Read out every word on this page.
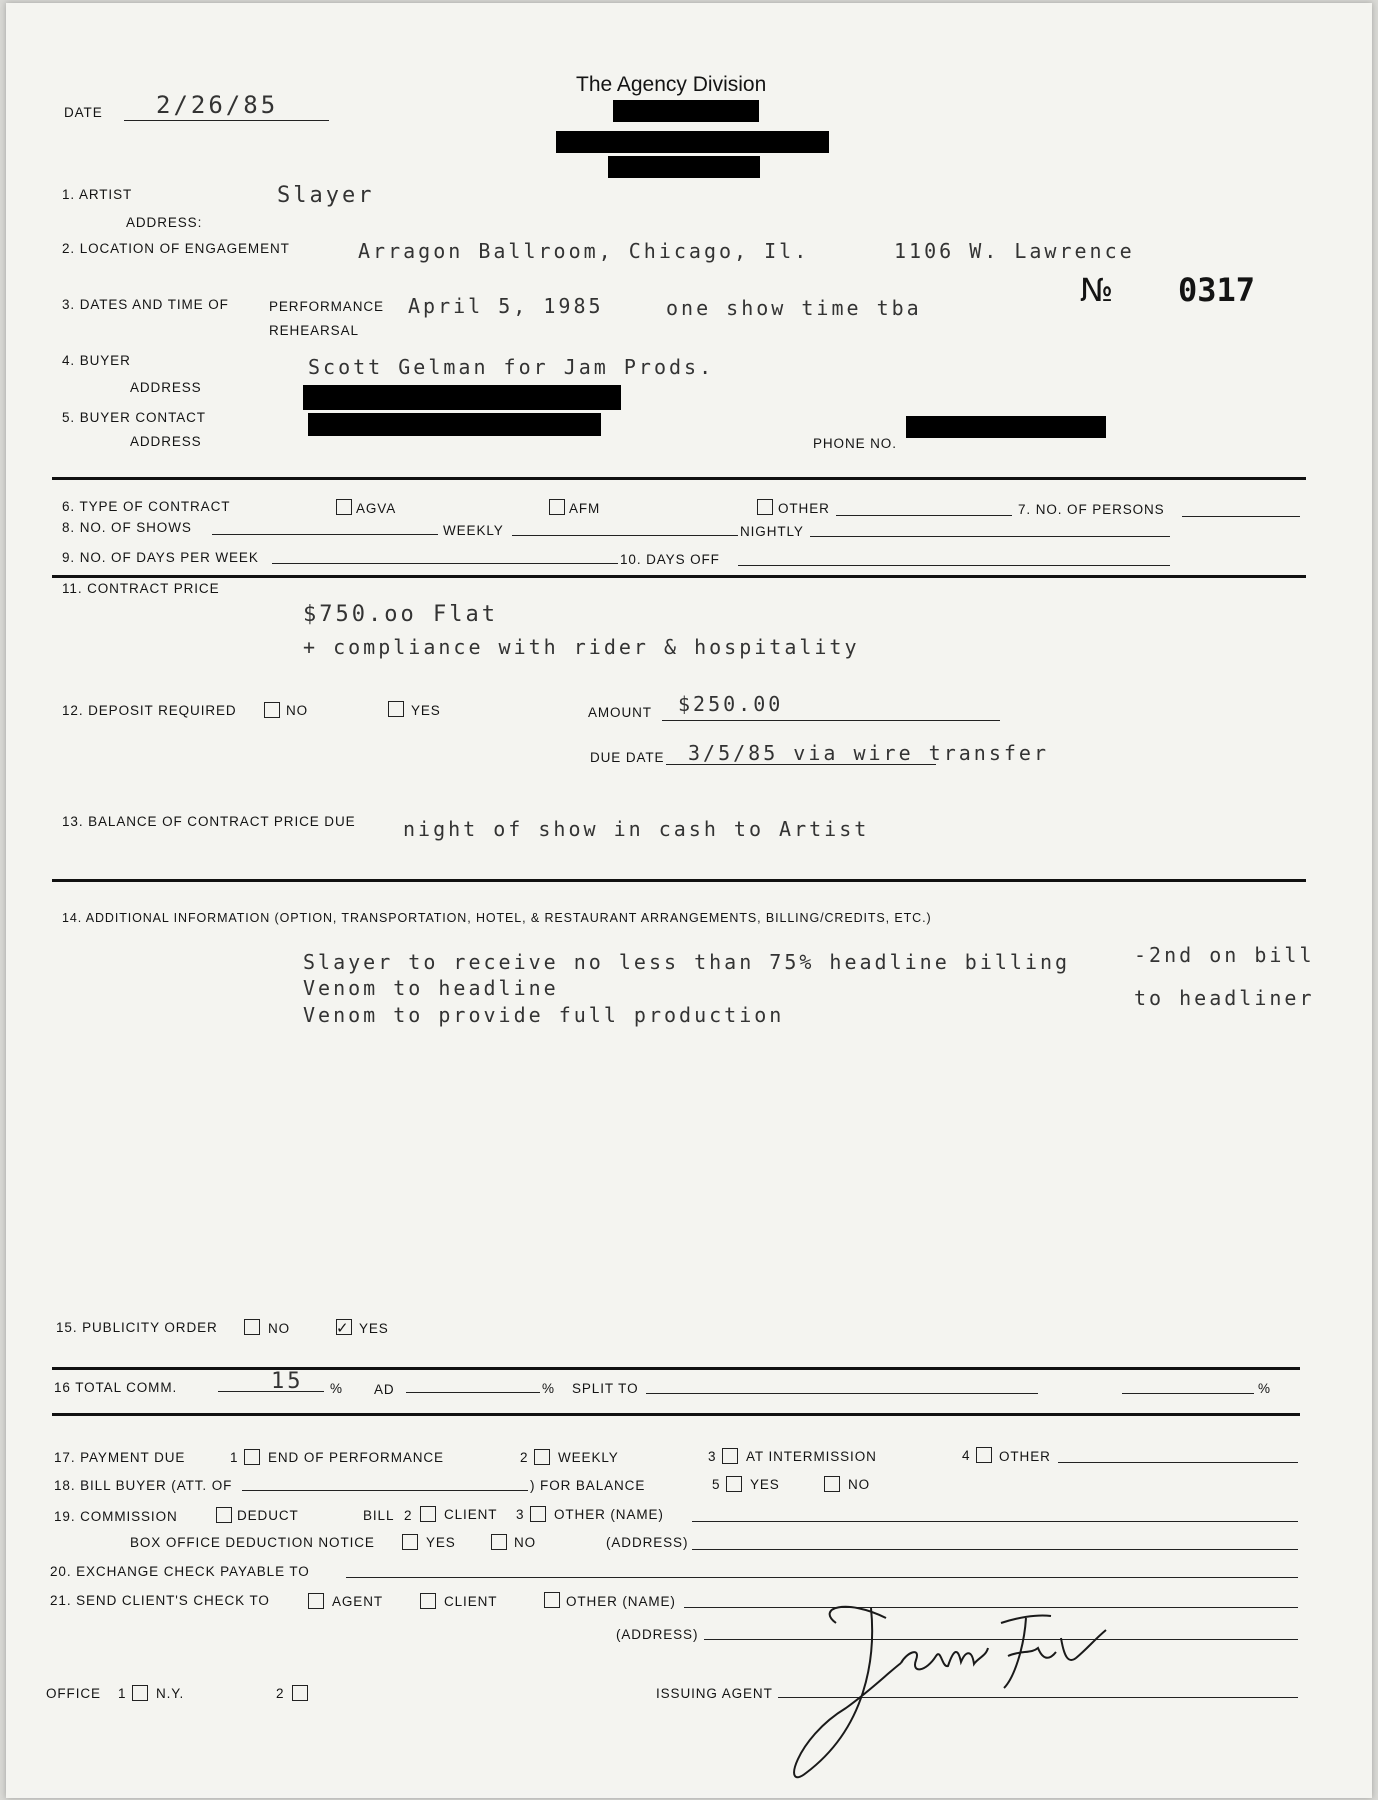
DATE 2/26/85
The Agency Division
№ 0317
1. ARTIST	Slayer
ADDRESS:
2. LOCATION OF ENGAGEMENT	Arragon Ballroom, Chicago, Il.	1106 W. Lawrence
3. DATES AND TIME OF	PERFORMANCE April 5, 1985	one show time tba
REHEARSAL
4. BUYER	Scott Gelman for Jam Prods.
ADDRESS
5. BUYER CONTACT
ADDRESS	PHONE NO.
6. TYPE OF CONTRACT	AGVA	AFM	OTHER	7. NO. OF PERSONS
8. NO. OF SHOWS	WEEKLY	NIGHTLY
9. NO. OF DAYS PER WEEK	10. DAYS OFF
11. CONTRACT PRICE
$750.oo Flat
+ compliance with rider & hospitality
12. DEPOSIT REQUIRED	NO	YES	AMOUNT $250.00
DUE DATE 3/5/85 via wire transfer
13. BALANCE OF CONTRACT PRICE DUE night of show in cash to Artist
14. ADDITIONAL INFORMATION (OPTION, TRANSPORTATION, HOTEL, & RESTAURANT ARRANGEMENTS, BILLING/CREDITS, ETC.)
Slayer to receive no less than 75% headline billing	-2nd on bill
Venom to headline	to headliner
Venom to provide full production
15. PUBLICITY ORDER	NO	✓ YES
16 TOTAL COMM.	15 % AD	% SPLIT TO	%
17. PAYMENT DUE	1 END OF PERFORMANCE	2 WEEKLY	3 AT INTERMISSION	4 OTHER
18. BILL BUYER (ATT. OF	) FOR BALANCE	5 YES	NO
19. COMMISSION	DEDUCT	BILL 2 CLIENT 3 OTHER (NAME)
BOX OFFICE DEDUCTION NOTICE	YES	NO	(ADDRESS)
20. EXCHANGE CHECK PAYABLE TO
21. SEND CLIENT'S CHECK TO	AGENT	CLIENT	OTHER (NAME)
(ADDRESS)
OFFICE 1 N.Y.	2	ISSUING AGENT
